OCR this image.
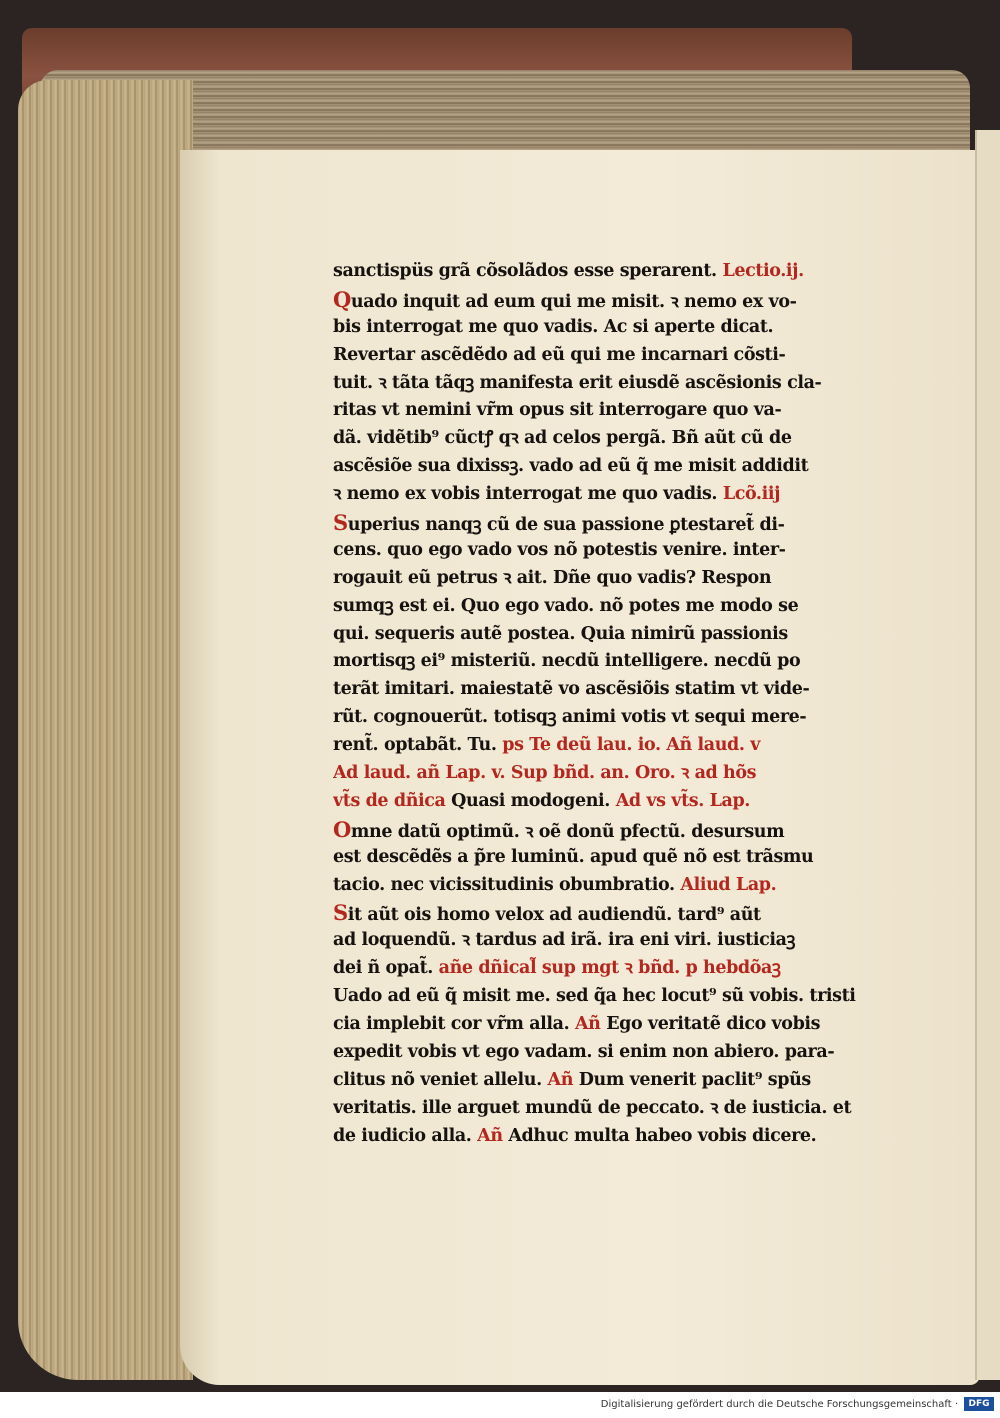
sanctispüs grã cõsolãdos esse sperarent. Lectio.ij.
Quado inquit ad eum qui me misit. ꝛ nemo ex vo-
bis interrogat me quo vadis. Ac si aperte dicat.
Revertar ascẽdẽdo ad eũ qui me incarnari cõsti-
tuit. ꝛ tãta tãqꝫ manifesta erit eiusdẽ ascẽsionis cla-
ritas vt nemini vr̃m opus sit interrogare quo va-
dã. vidẽtib⁹ cũctꝭ qꝛ ad celos pergã. Bñ aũt cũ de
ascẽsiõe sua dixissꝫ. vado ad eũ q̃ me misit addidit
ꝛ nemo ex vobis interrogat me quo vadis. Lcõ.iij
Superius nanqꝫ cũ de sua passione ꝑtestaret̃ di-
cens. quo ego vado vos nõ potestis venire. inter-
rogauit eũ petrus ꝛ ait. Dñe quo vadis? Respon
sumqꝫ est ei. Quo ego vado. nõ potes me modo se
qui. sequeris autẽ postea. Quia nimirũ passionis
mortisqꝫ ei⁹ misteriũ. necdũ intelligere. necdũ po
terãt imitari. maiestatẽ vo ascẽsiõis statim vt vide-
rũt. cognouerũt. totisqꝫ animi votis vt sequi mere-
rent̃. optabãt. Tu. ps Te deũ lau. io. Añ laud. v
Ad laud. añ Lap. v. Sup bñd. an. Oro. ꝛ ad hõs
vt̃s de dñica Quasi modogeni. Ad vs vt̃s. Lap.
Omne datũ optimũ. ꝛ oẽ donũ pfectũ. desursum
est descẽdẽs a p̃re luminũ. apud quẽ nõ est trãsmu
tacio. nec vicissitudinis obumbratio. Aliud Lap.
Sit aũt ois homo velox ad audiendũ. tard⁹ aũt
ad loquendũ. ꝛ tardus ad irã. ira eni viri. iusticiaꝫ
dei ñ opat̃. añe dñical̃ sup mgt ꝛ bñd. p hebdõaꝫ
Uado ad eũ q̃ misit me. sed q̃a hec locut⁹ sũ vobis. tristi
cia implebit cor vr̃m alla. Añ Ego veritatẽ dico vobis
expedit vobis vt ego vadam. si enim non abiero. para-
clitus nõ veniet allelu. Añ Dum venerit paclit⁹ spũs
veritatis. ille arguet mundũ de peccato. ꝛ de iusticia. et
de iudicio alla. Añ Adhuc multa habeo vobis dicere.
Digitalisierung gefördert durch die Deutsche Forschungsgemeinschaft ·	DFG
